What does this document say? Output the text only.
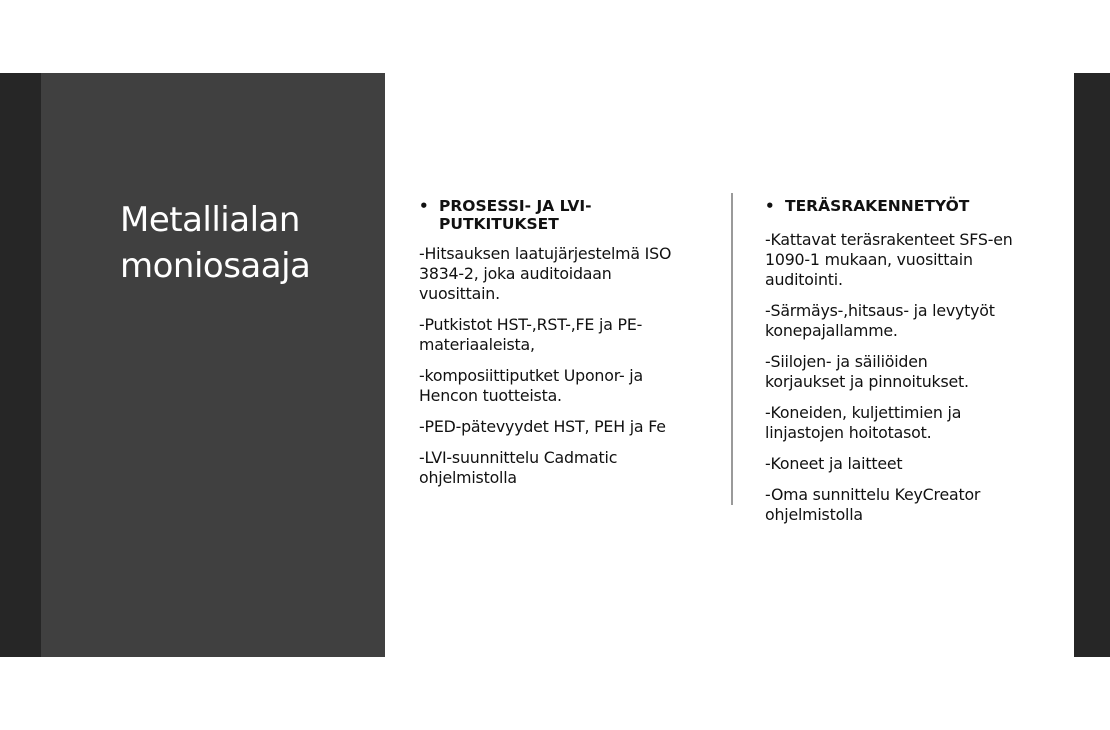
Metallialan moniosaaja
• PROSESSI- JA LVI-PUTKITUKSET
-Hitsauksen laatujärjestelmä ISO 3834-2, joka auditoidaan vuosittain.
-Putkistot HST-,RST-,FE ja PE-materiaaleista,
-komposiittiputket Uponor- ja Hencon tuotteista.
-PED-pätevyydet HST, PEH ja Fe
-LVI-suunnittelu Cadmatic ohjelmistolla
• TERÄSRAKENNETYÖT
-Kattavat teräsrakenteet SFS-en 1090-1 mukaan, vuosittain auditointi.
-Särmäys-,hitsaus- ja levytyöt konepajallamme.
-Siilojen- ja säiliöiden korjaukset ja pinnoitukset.
-Koneiden, kuljettimien ja linjastojen hoitotasot.
-Koneet ja laitteet
-Oma sunnittelu KeyCreator ohjelmistolla
